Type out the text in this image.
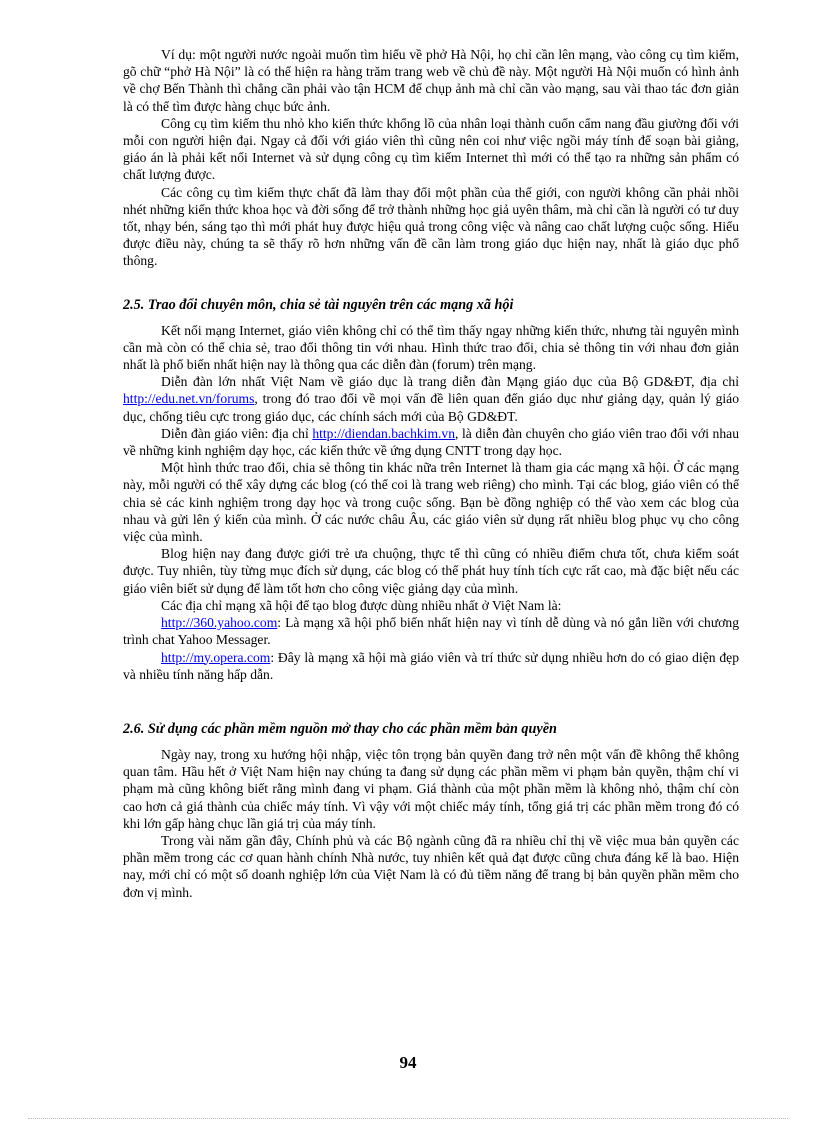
Ví dụ: một người nước ngoài muốn tìm hiểu về phở Hà Nội, họ chỉ cần lên mạng, vào công cụ tìm kiếm, gõ chữ “phở Hà Nội” là có thể hiện ra hàng trăm trang web về chủ đề này. Một người Hà Nội muốn có hình ảnh về chợ Bến Thành thì chẳng cần phải vào tận HCM để chụp ảnh mà chỉ cần vào mạng, sau vài thao tác đơn giản là có thể tìm được hàng chục bức ảnh.

Công cụ tìm kiếm thu nhỏ kho kiến thức khổng lồ của nhân loại thành cuốn cẩm nang đầu giường đối với mỗi con người hiện đại. Ngay cả đối với giáo viên thì cũng nên coi như việc ngồi máy tính để soạn bài giảng, giáo án là phải kết nối Internet và sử dụng công cụ tìm kiếm Internet thì mới có thể tạo ra những sản phẩm có chất lượng được.

Các công cụ tìm kiếm thực chất đã làm thay đổi một phần của thế giới, con người không cần phải nhồi nhét những kiến thức khoa học và đời sống để trở thành những học giả uyên thâm, mà chỉ cần là người có tư duy tốt, nhạy bén, sáng tạo thì mới phát huy được hiệu quả trong công việc và nâng cao chất lượng cuộc sống. Hiểu được điều này, chúng ta sẽ thấy rõ hơn những vấn đề cần làm trong giáo dục hiện nay, nhất là giáo dục phổ thông.

2.5. Trao đổi chuyên môn, chia sẻ tài nguyên trên các mạng xã hội

Kết nối mạng Internet, giáo viên không chỉ có thể tìm thấy ngay những kiến thức, nhưng tài nguyên mình cần mà còn có thể chia sẻ, trao đổi thông tin với nhau. Hình thức trao đổi, chia sẻ thông tin với nhau đơn giản nhất là phổ biến nhất hiện nay là thông qua các diễn đàn (forum) trên mạng.

Diễn đàn lớn nhất Việt Nam về giáo dục là trang diễn đàn Mạng giáo dục của Bộ GD&ĐT, địa chỉ http://edu.net.vn/forums, trong đó trao đổi về mọi vấn đề liên quan đến giáo dục như giảng dạy, quản lý giáo dục, chống tiêu cực trong giáo dục, các chính sách mới của Bộ GD&ĐT.

Diễn đàn giáo viên: địa chỉ http://diendan.bachkim.vn, là diễn đàn chuyên cho giáo viên trao đổi với nhau về những kinh nghiệm dạy học, các kiến thức về ứng dụng CNTT trong dạy học.

Một hình thức trao đổi, chia sẻ thông tin khác nữa trên Internet là tham gia các mạng xã hội. Ở các mạng này, mỗi người có thể xây dựng các blog (có thể coi là trang web riêng) cho mình. Tại các blog, giáo viên có thể chia sẻ các kinh nghiệm trong dạy học và trong cuộc sống. Bạn bè đồng nghiệp có thể vào xem các blog của nhau và gửi lên ý kiến của mình. Ở các nước châu Âu, các giáo viên sử dụng rất nhiều blog phục vụ cho công việc của mình.

Blog hiện nay đang được giới trẻ ưa chuộng, thực tế thì cũng có nhiều điểm chưa tốt, chưa kiểm soát được. Tuy nhiên, tùy từng mục đích sử dụng, các blog có thể phát huy tính tích cực rất cao, mà đặc biệt nếu các giáo viên biết sử dụng để làm tốt hơn cho công việc giảng dạy của mình.

Các địa chỉ mạng xã hội để tạo blog được dùng nhiều nhất ở Việt Nam là:

http://360.yahoo.com: Là mạng xã hội phổ biến nhất hiện nay vì tính dễ dùng và nó gắn liền với chương trình chat Yahoo Messager.

http://my.opera.com: Đây là mạng xã hội mà giáo viên và trí thức sử dụng nhiều hơn do có giao diện đẹp và nhiều tính năng hấp dẫn.

2.6. Sử dụng các phần mềm nguồn mở thay cho các phần mềm bản quyền

Ngày nay, trong xu hướng hội nhập, việc tôn trọng bản quyền đang trở nên một vấn đề không thể không quan tâm. Hầu hết ở Việt Nam hiện nay chúng ta đang sử dụng các phần mềm vi phạm bản quyền, thậm chí vi phạm mà cũng không biết rằng mình đang vi phạm. Giá thành của một phần mềm là không nhỏ, thậm chí còn cao hơn cả giá thành của chiếc máy tính. Vì vậy với một chiếc máy tính, tổng giá trị các phần mềm trong đó có khi lớn gấp hàng chục lần giá trị của máy tính.

Trong vài năm gần đây, Chính phủ và các Bộ ngành cũng đã ra nhiều chỉ thị về việc mua bản quyền các phần mềm trong các cơ quan hành chính Nhà nước, tuy nhiên kết quả đạt được cũng chưa đáng kể là bao. Hiện nay, mới chỉ có một số doanh nghiệp lớn của Việt Nam là có đủ tiềm năng để trang bị bản quyền phần mềm cho đơn vị mình.

94
